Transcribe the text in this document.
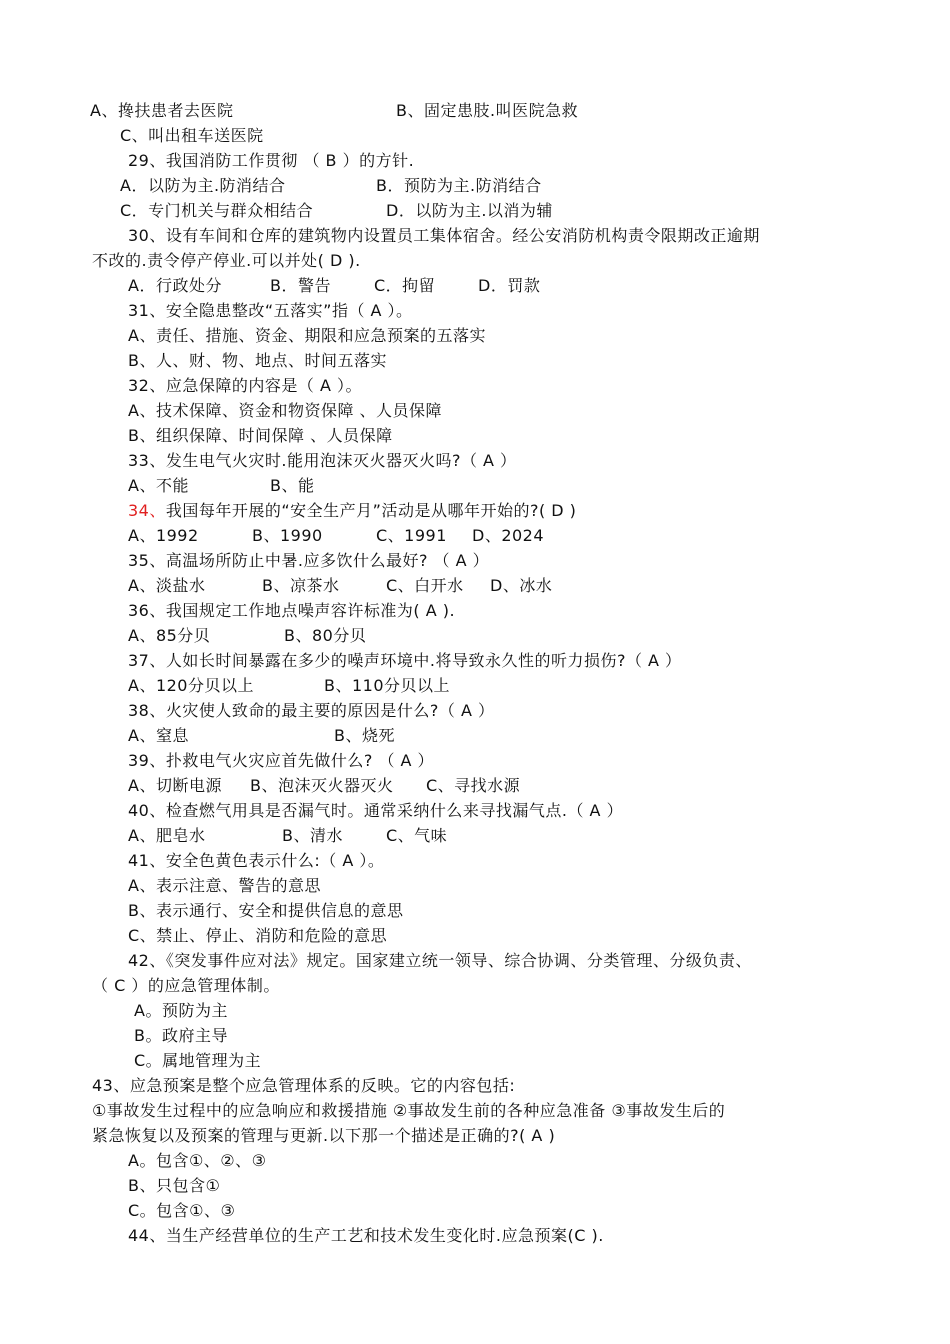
A、搀扶患者去医院	B、固定患肢.叫医院急救
C、叫出租车送医院
29、我国消防工作贯彻 （ B ）的方针.
A．以防为主.防消结合	B．预防为主.防消结合
C．专门机关与群众相结合	D．以防为主.以消为辅
30、设有车间和仓库的建筑物内设置员工集体宿舍。经公安消防机构责令限期改正逾期
不改的.责令停产停业.可以并处( D ).
A．行政处分	B．警告	C．拘留	D．罚款
31、安全隐患整改“五落实”指（ A ）。
A、责任、措施、资金、期限和应急预案的五落实
B、人、财、物、地点、时间五落实
32、应急保障的内容是（ A ）。
A、技术保障、资金和物资保障 、人员保障
B、组织保障、时间保障 、人员保障
33、发生电气火灾时.能用泡沫灭火器灭火吗?（ A ）
A、不能	B、能
34、我国每年开展的“安全生产月”活动是从哪年开始的?( D )
A、1992	B、1990	C、1991 D、2024
35、高温场所防止中暑.应多饮什么最好? （ A ）
A、淡盐水	B、凉茶水	C、白开水 D、冰水
36、我国规定工作地点噪声容许标准为( A ).
A、85分贝	B、80分贝
37、人如长时间暴露在多少的噪声环境中.将导致永久性的听力损伤?（ A ）
A、120分贝以上	B、110分贝以上
38、火灾使人致命的最主要的原因是什么?（ A ）
A、窒息	B、烧死
39、扑救电气火灾应首先做什么? （ A ）
A、切断电源 B、泡沫灭火器灭火 C、寻找水源
40、检查燃气用具是否漏气时。通常采纳什么来寻找漏气点.（ A ）
A、肥皂水	B、清水	C、气味
41、安全色黄色表示什么:（ A ）。
A、表示注意、警告的意思
B、表示通行、安全和提供信息的意思
C、禁止、停止、消防和危险的意思
42、《突发事件应对法》规定。国家建立统一领导、综合协调、分类管理、分级负责、
（ C ）的应急管理体制。
A。预防为主
B。政府主导
C。属地管理为主
43、应急预案是整个应急管理体系的反映。它的内容包括:
①事故发生过程中的应急响应和救援措施 ②事故发生前的各种应急准备 ③事故发生后的
紧急恢复以及预案的管理与更新.以下那一个描述是正确的?( A )
A。包含①、②、③
B、只包含①
C。包含①、③
44、当生产经营单位的生产工艺和技术发生变化时.应急预案(C ).
